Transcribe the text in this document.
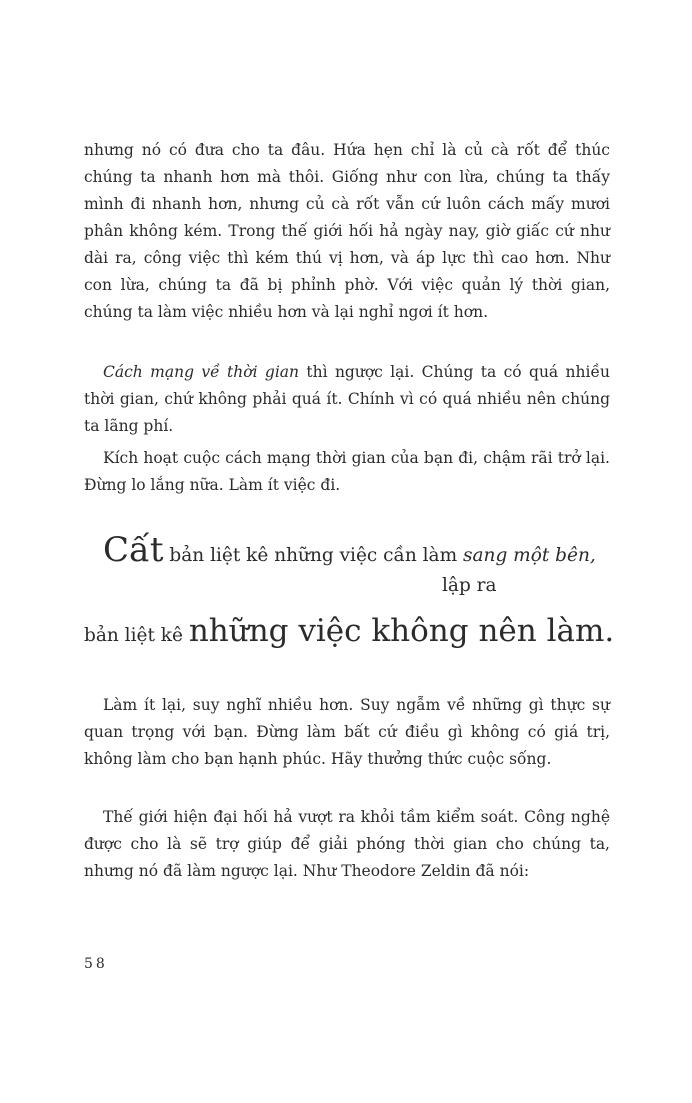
nhưng nó có đưa cho ta đâu. Hứa hẹn chỉ là củ cà rốt để thúc chúng ta nhanh hơn mà thôi. Giống như con lừa, chúng ta thấy mình đi nhanh hơn, nhưng củ cà rốt vẫn cứ luôn cách mấy mươi phân không kém. Trong thế giới hối hả ngày nay, giờ giấc cứ như dài ra, công việc thì kém thú vị hơn, và áp lực thì cao hơn. Như con lừa, chúng ta đã bị phỉnh phờ. Với việc quản lý thời gian, chúng ta làm việc nhiều hơn và lại nghỉ ngơi ít hơn.

Cách mạng về thời gian thì ngược lại. Chúng ta có quá nhiều thời gian, chứ không phải quá ít. Chính vì có quá nhiều nên chúng ta lãng phí.

Kích hoạt cuộc cách mạng thời gian của bạn đi, chậm rãi trở lại. Đừng lo lắng nữa. Làm ít việc đi.

Cất bản liệt kê những việc cần làm sang một bên,

lập ra

bản liệt kê những việc không nên làm.

Làm ít lại, suy nghĩ nhiều hơn. Suy ngẫm về những gì thực sự quan trọng với bạn. Đừng làm bất cứ điều gì không có giá trị, không làm cho bạn hạnh phúc. Hãy thưởng thức cuộc sống.

Thế giới hiện đại hối hả vượt ra khỏi tầm kiểm soát. Công nghệ được cho là sẽ trợ giúp để giải phóng thời gian cho chúng ta, nhưng nó đã làm ngược lại. Như Theodore Zeldin đã nói:

58
